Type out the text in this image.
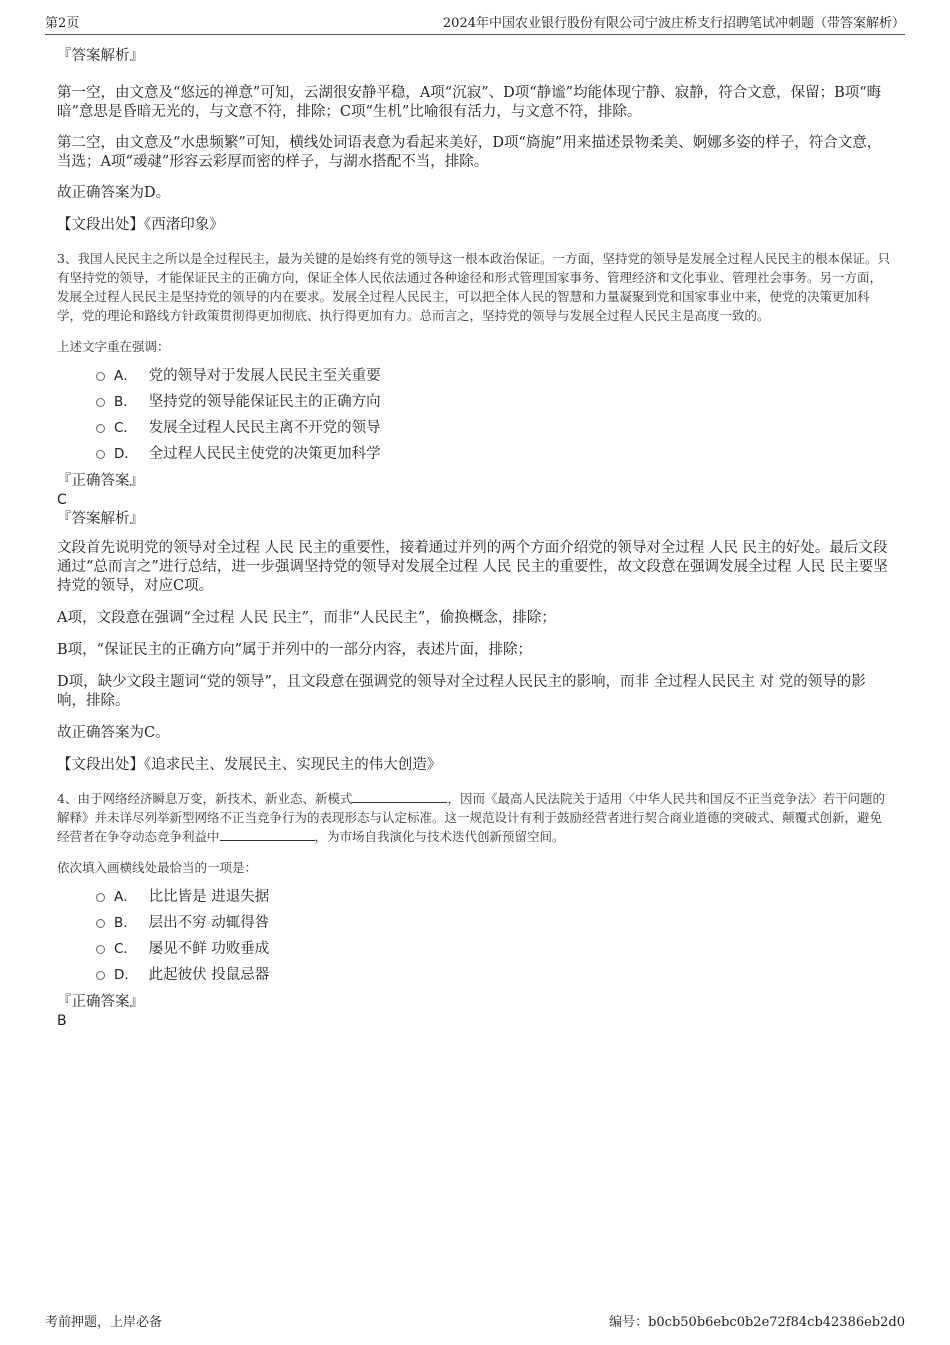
第2页	2024年中国农业银行股份有限公司宁波庄桥支行招聘笔试冲刺题（带答案解析）

『答案解析』

第一空，由文意及“悠远的禅意”可知，云湖很安静平稳，A项“沉寂”、D项“静谧”均能体现宁静、寂静，符合文意，保留；B项“晦暗”意思是昏暗无光的，与文意不符，排除；C项“生机”比喻很有活力，与文意不符，排除。

第二空，由文意及“水患频繁”可知，横线处词语表意为看起来美好，D项“旖旎”用来描述景物柔美、婀娜多姿的样子，符合文意，当选；A项“叆叇”形容云彩厚而密的样子，与湖水搭配不当，排除。

故正确答案为D。

【文段出处】《西渚印象》

3、我国人民民主之所以是全过程民主，最为关键的是始终有党的领导这一根本政治保证。一方面，坚持党的领导是发展全过程人民民主的根本保证。只有坚持党的领导，才能保证民主的正确方向，保证全体人民依法通过各种途径和形式管理国家事务、管理经济和文化事业、管理社会事务。另一方面，发展全过程人民民主是坚持党的领导的内在要求。发展全过程人民民主，可以把全体人民的智慧和力量凝聚到党和国家事业中来，使党的决策更加科学，党的理论和路线方针政策贯彻得更加彻底、执行得更加有力。总而言之，坚持党的领导与发展全过程人民民主是高度一致的。

上述文字重在强调：

A． 党的领导对于发展人民民主至关重要
B． 坚持党的领导能保证民主的正确方向
C． 发展全过程人民民主离不开党的领导
D． 全过程人民民主使党的决策更加科学

『正确答案』

C

『答案解析』

文段首先说明党的领导对全过程 人民 民主的重要性，接着通过并列的两个方面介绍党的领导对全过程 人民 民主的好处。最后文段通过“总而言之”进行总结，进一步强调坚持党的领导对发展全过程 人民 民主的重要性，故文段意在强调发展全过程 人民 民主要坚持党的领导，对应C项。

A项，文段意在强调“全过程 人民 民主”，而非“人民民主”，偷换概念，排除；

B项，“保证民主的正确方向”属于并列中的一部分内容，表述片面，排除；

D项，缺少文段主题词“党的领导”，且文段意在强调党的领导对全过程人民民主的影响，而非 全过程人民民主 对 党的领导的影响，排除。

故正确答案为C。

【文段出处】《追求民主、发展民主、实现民主的伟大创造》

4、由于网络经济瞬息万变，新技术、新业态、新模式	，因而《最高人民法院关于适用〈中华人民共和国反不正当竞争法〉若干问题的解释》并未详尽列举新型网络不正当竞争行为的表现形态与认定标准。这一规范设计有利于鼓励经营者进行契合商业道德的突破式、颠覆式创新，避免经营者在争夺动态竞争利益中	，为市场自我演化与技术迭代创新预留空间。

依次填入画横线处最恰当的一项是：

A． 比比皆是 进退失据
B． 层出不穷 动辄得咎
C． 屡见不鲜 功败垂成
D． 此起彼伏 投鼠忌器

『正确答案』

B

考前押题，上岸必备	编号：b0cb50b6ebc0b2e72f84cb42386eb2d0
